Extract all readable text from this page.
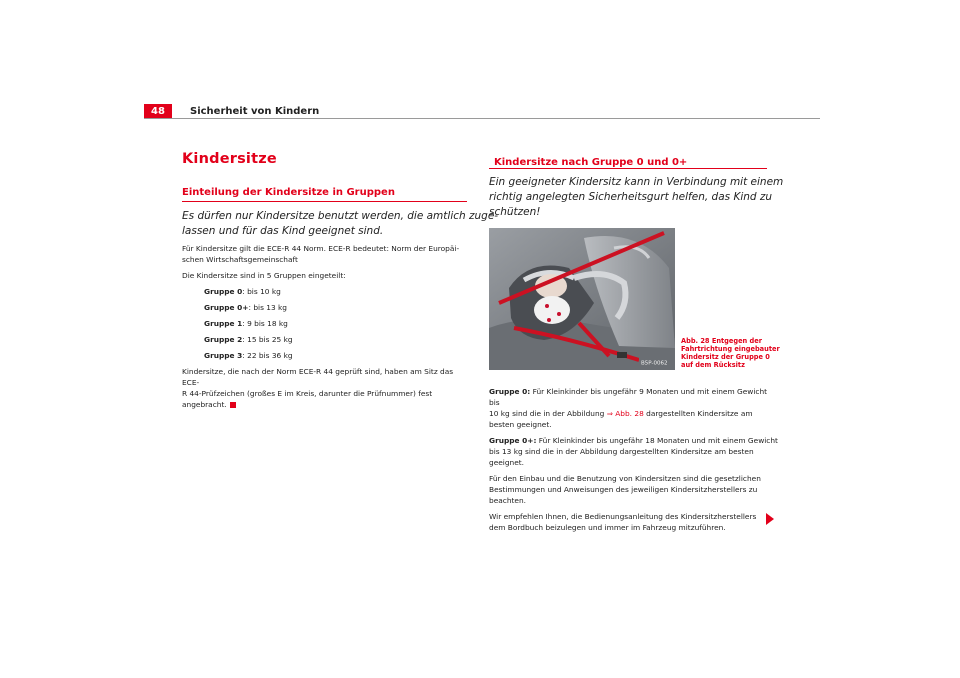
48	Sicherheit von Kindern
Kindersitze
Einteilung der Kindersitze in Gruppen
Es dürfen nur Kindersitze benutzt werden, die amtlich zuge-
lassen und für das Kind geeignet sind.

Für Kindersitze gilt die ECE-R 44 Norm. ECE-R bedeutet: Norm der Europäi-
schen Wirtschaftsgemeinschaft

Die Kindersitze sind in 5 Gruppen eingeteilt:

Gruppe 0: bis 10 kg

Gruppe 0+: bis 13 kg

Gruppe 1: 9 bis 18 kg

Gruppe 2: 15 bis 25 kg

Gruppe 3: 22 bis 36 kg

Kindersitze, die nach der Norm ECE-R 44 geprüft sind, haben am Sitz das ECE-
R 44-Prüfzeichen (großes E im Kreis, darunter die Prüfnummer) fest
angebracht.

Kindersitze nach Gruppe 0 und 0+
Ein geeigneter Kindersitz kann in Verbindung mit einem
richtig angelegten Sicherheitsgurt helfen, das Kind zu
schützen!
B5P-0062
Abb. 28 Entgegen der
Fahrtrichtung eingebauter
Kindersitz der Gruppe 0
auf dem Rücksitz

Gruppe 0: Für Kleinkinder bis ungefähr 9 Monaten und mit einem Gewicht bis
10 kg sind die in der Abbildung ⇒ Abb. 28 dargestellten Kindersitze am
besten geeignet.

Gruppe 0+: Für Kleinkinder bis ungefähr 18 Monaten und mit einem Gewicht
bis 13 kg sind die in der Abbildung dargestellten Kindersitze am besten
geeignet.

Für den Einbau und die Benutzung von Kindersitzen sind die gesetzlichen
Bestimmungen und Anweisungen des jeweiligen Kindersitzherstellers zu
beachten.

Wir empfehlen Ihnen, die Bedienungsanleitung des Kindersitzherstellers
dem Bordbuch beizulegen und immer im Fahrzeug mitzuführen.
